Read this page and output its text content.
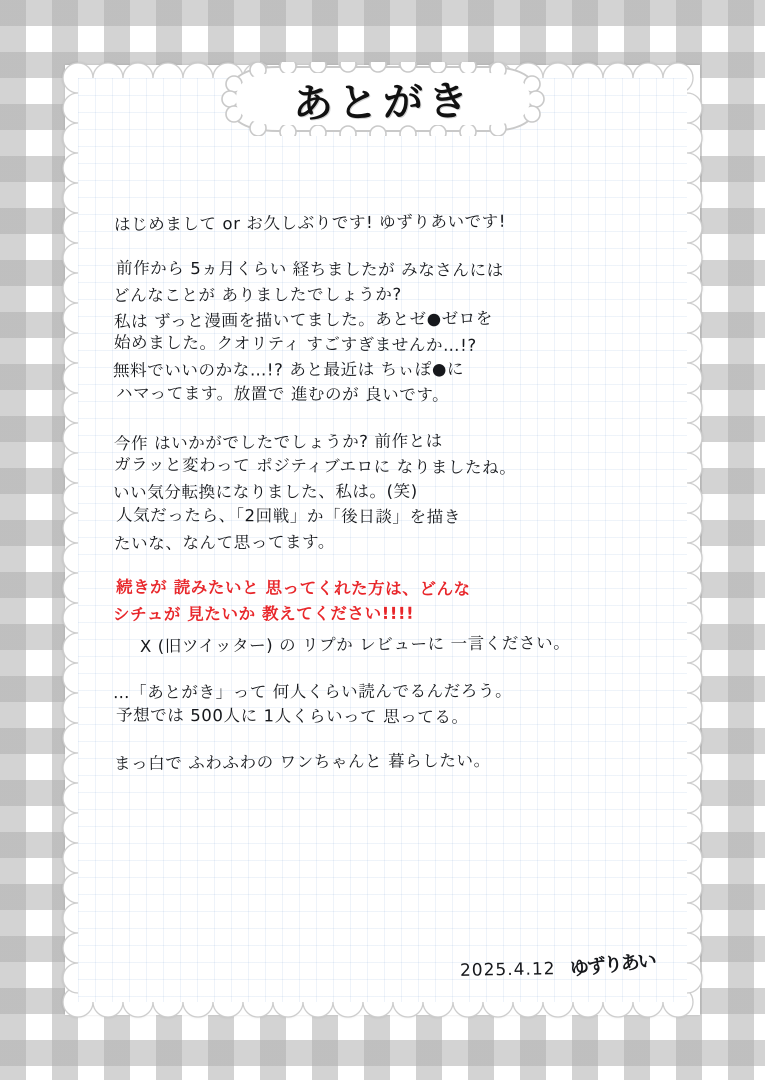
あとがき
はじめまして or お久しぶりです! ゆずりあいです!
前作から 5ヵ月くらい 経ちましたが みなさんには
どんなことが ありましたでしょうか?
私は ずっと漫画を描いてました。あとゼ●ゼロを
始めました。クオリティ すごすぎませんか…!?
無料でいいのかな…!? あと最近は ちぃぽ●に
ハマってます。放置で 進むのが 良いです。
今作 はいかがでしたでしょうか? 前作とは
ガラッと変わって ポジティブエロに なりましたね。
いい気分転換になりました、私は。(笑)
人気だったら、「2回戦」か「後日談」を描き
たいな、なんて思ってます。
続きが 読みたいと 思ってくれた方は、どんな
シチュが 見たいか 教えてください!!!!
X (旧ツイッター) の リプか レビューに 一言ください。
…「あとがき」って 何人くらい読んでるんだろう。
予想では 500人に 1人くらいって 思ってる。
まっ白で ふわふわの ワンちゃんと 暮らしたい。
2025.4.12 ゆずりあい
